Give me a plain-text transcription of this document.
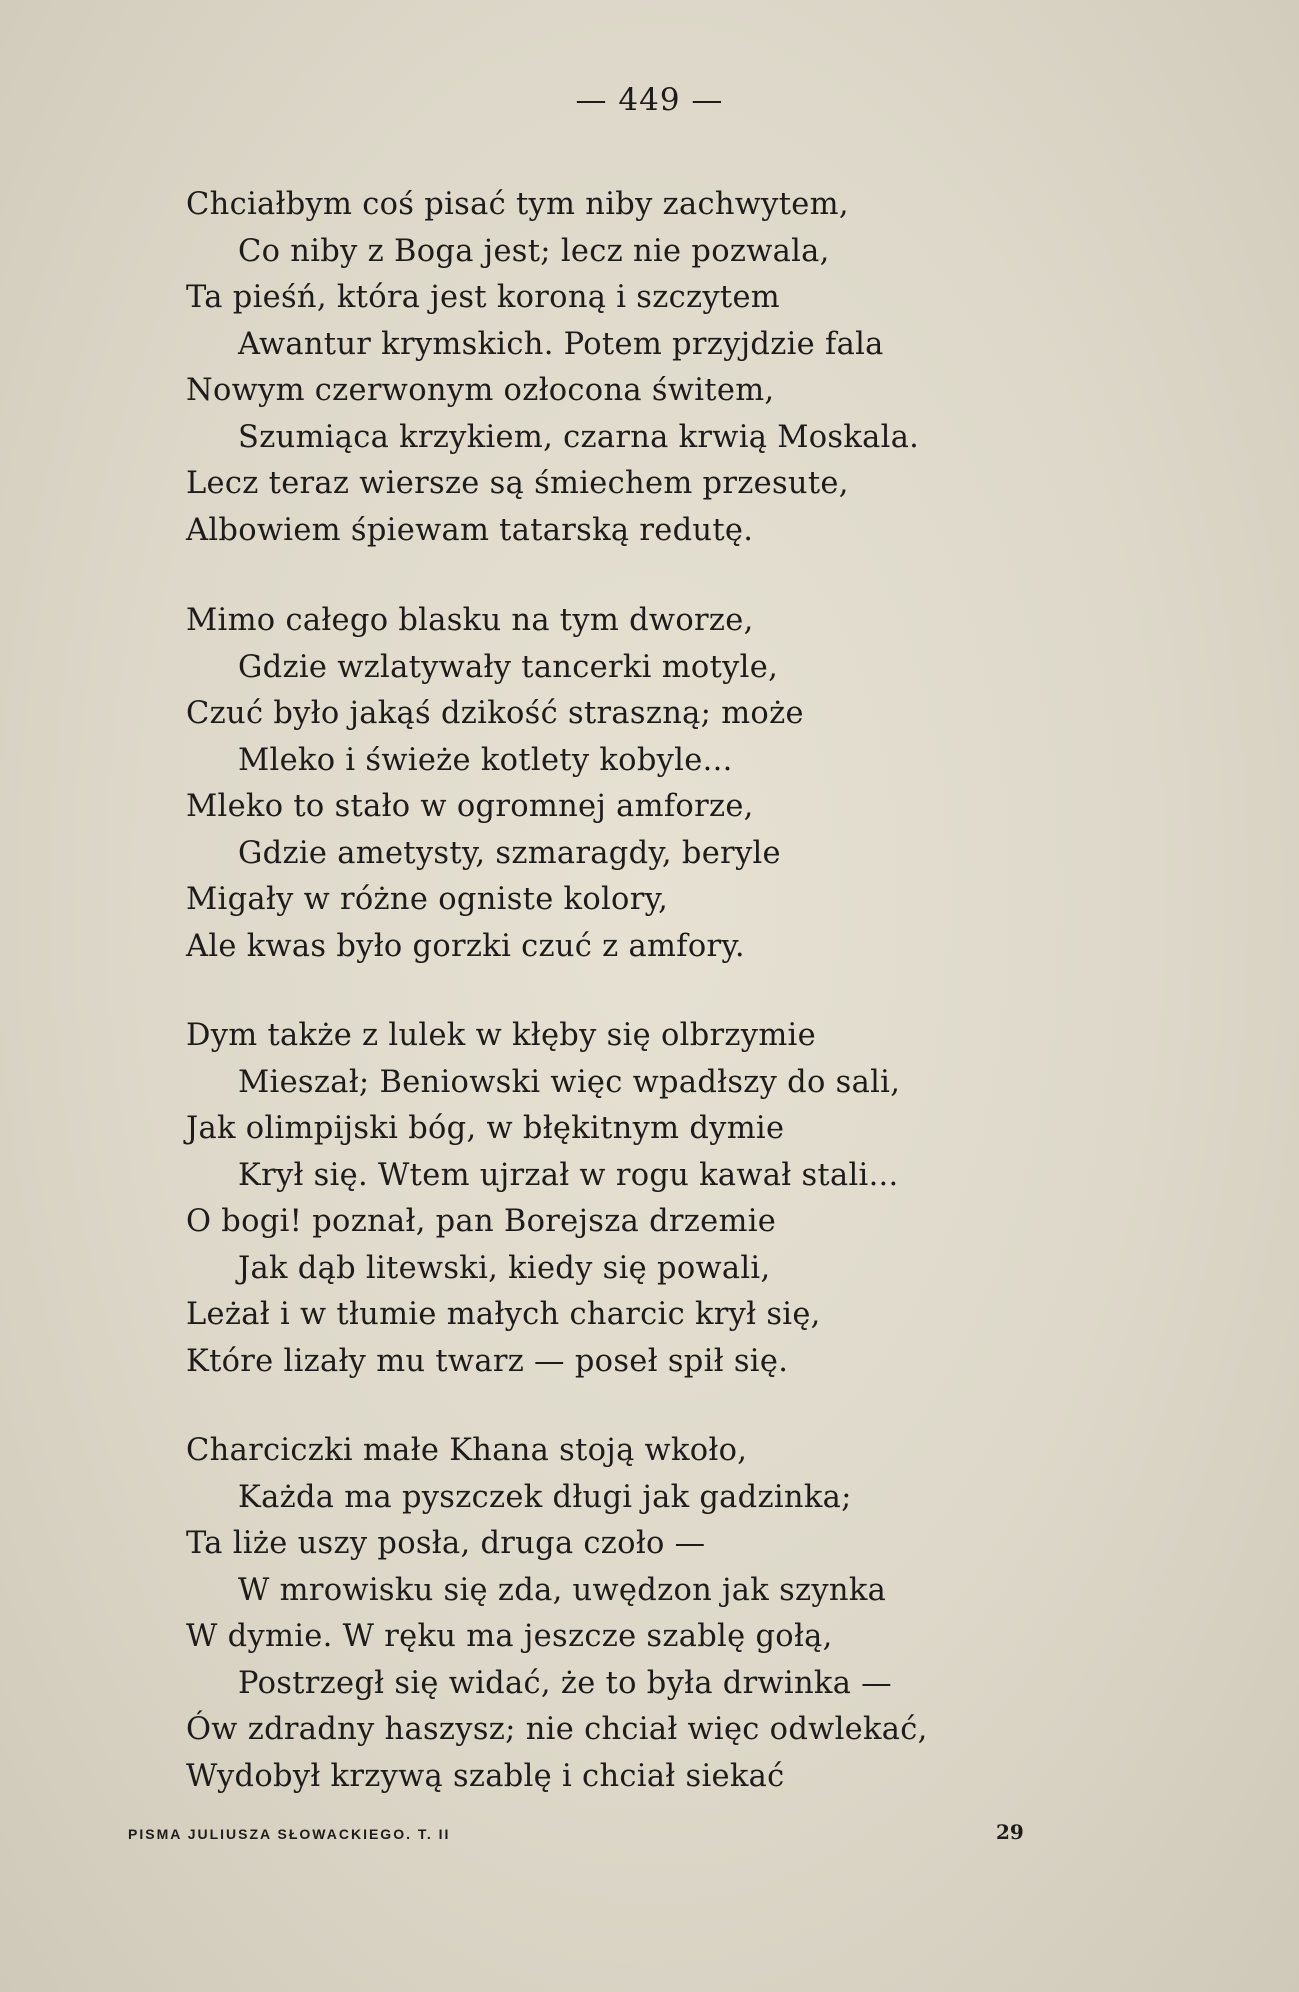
— 449 —
Chciałbym coś pisać tym niby zachwytem,
Co niby z Boga jest; lecz nie pozwala,
Ta pieśń, która jest koroną i szczytem
Awantur krymskich. Potem przyjdzie fala
Nowym czerwonym ozłocona świtem,
Szumiąca krzykiem, czarna krwią Moskala.
Lecz teraz wiersze są śmiechem przesute,
Albowiem śpiewam tatarską redutę.
Mimo całego blasku na tym dworze,
Gdzie wzlatywały tancerki motyle,
Czuć było jakąś dzikość straszną; może
Mleko i świeże kotlety kobyle...
Mleko to stało w ogromnej amforze,
Gdzie ametysty, szmaragdy, beryle
Migały w różne ogniste kolory,
Ale kwas było gorzki czuć z amfory.
Dym także z lulek w kłęby się olbrzymie
Mieszał; Beniowski więc wpadłszy do sali,
Jak olimpijski bóg, w błękitnym dymie
Krył się. Wtem ujrzał w rogu kawał stali...
O bogi! poznał, pan Borejsza drzemie
Jak dąb litewski, kiedy się powali,
Leżał i w tłumie małych charcic krył się,
Które lizały mu twarz — poseł spił się.
Charciczki małe Khana stoją wkoło,
Każda ma pyszczek długi jak gadzinka;
Ta liże uszy posła, druga czoło —
W mrowisku się zda, uwędzon jak szynka
W dymie. W ręku ma jeszcze szablę gołą,
Postrzegł się widać, że to była drwinka —
Ów zdradny haszysz; nie chciał więc odwlekać,
Wydobył krzywą szablę i chciał siekać
PISMA JULIUSZA SŁOWACKIEGO. T. II	29
